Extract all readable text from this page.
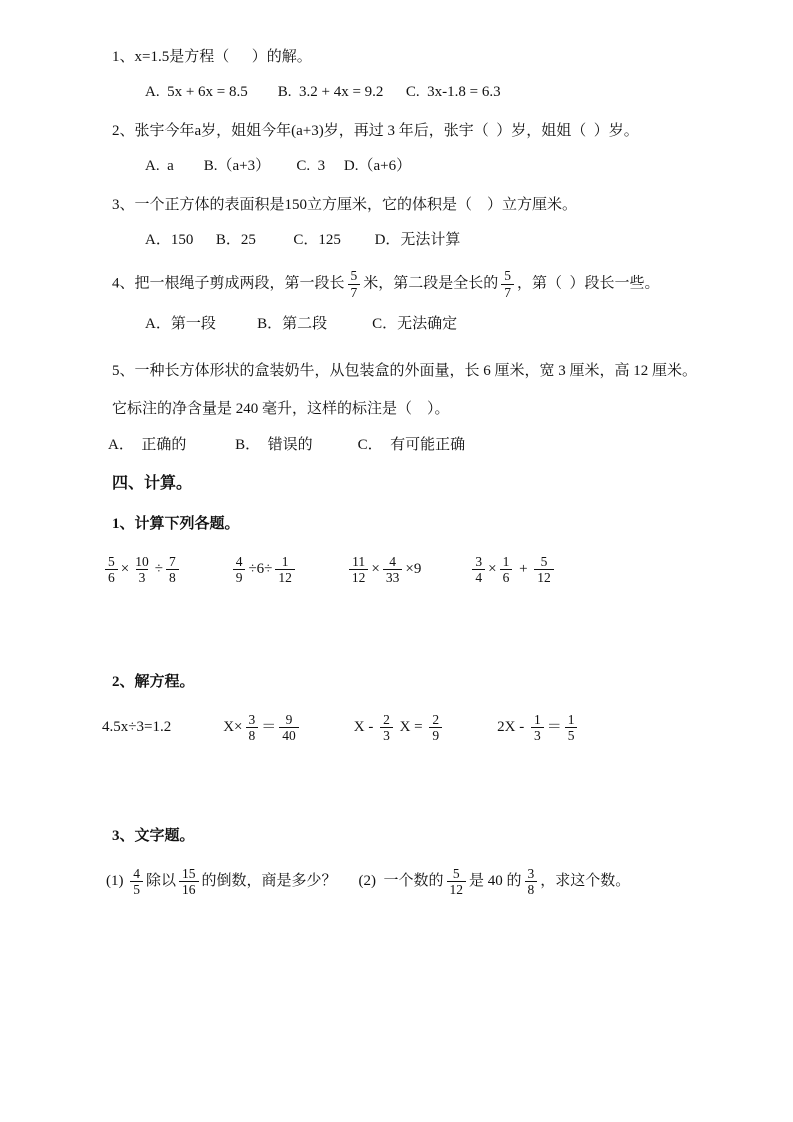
1、x=1.5是方程（      ）的解。
A.  5x + 6x = 8.5        B.  3.2 + 4x = 9.2      C.  3x-1.8 = 6.3
2、张宇今年a岁，姐姐今年(a+3)岁，再过 3 年后，张宇（  ）岁，姐姐（  ）岁。
A.  a        B.（a+3）       C.  3     D.（a+6）
3、一个正方体的表面积是150立方厘米，它的体积是（    ）立方厘米。
A．150      B．25          C．125         D．无法计算
4、把一根绳子剪成两段，第一段长 $\frac{5}{7}$ 米，第二段是全长的 $\frac{5}{7}$ ，第（  ）段长一些。
A．第一段           B．第二段            C．无法确定
5、一种长方体形状的盒装奶牛，从包装盒的外面量，长 6 厘米，宽 3 厘米，高 12 厘米。它标注的净含量是 240 毫升，这样的标注是（    ）。
A．  正确的             B．  错误的            C．  有可能正确
四、计算。
1、计算下列各题。
$\frac{5}{6} \times \frac{10}{3} \div \frac{7}{8}$	$\frac{4}{9} \div 6\div \frac{1}{12}$	$\frac{11}{12} \times \frac{4}{33} \times 9$	$\frac{3}{4} \times \frac{1}{6} + \frac{5}{12}$
2、解方程。
4.5x÷3=1.2	$X\times \frac{3}{8} = \frac{9}{40}$	X - $\frac{2}{3}$ $X = \frac{2}{9}$	$2X - \frac{1}{3} = \frac{1}{5}$
3、文字题。
$(1) \frac{4}{5}$ 除以 $\frac{15}{16}$ 的倒数，商是多少？ (2)  一个数的 $\frac{5}{12}$ 是 40 的 $\frac{3}{8}$ ，求这个数。
